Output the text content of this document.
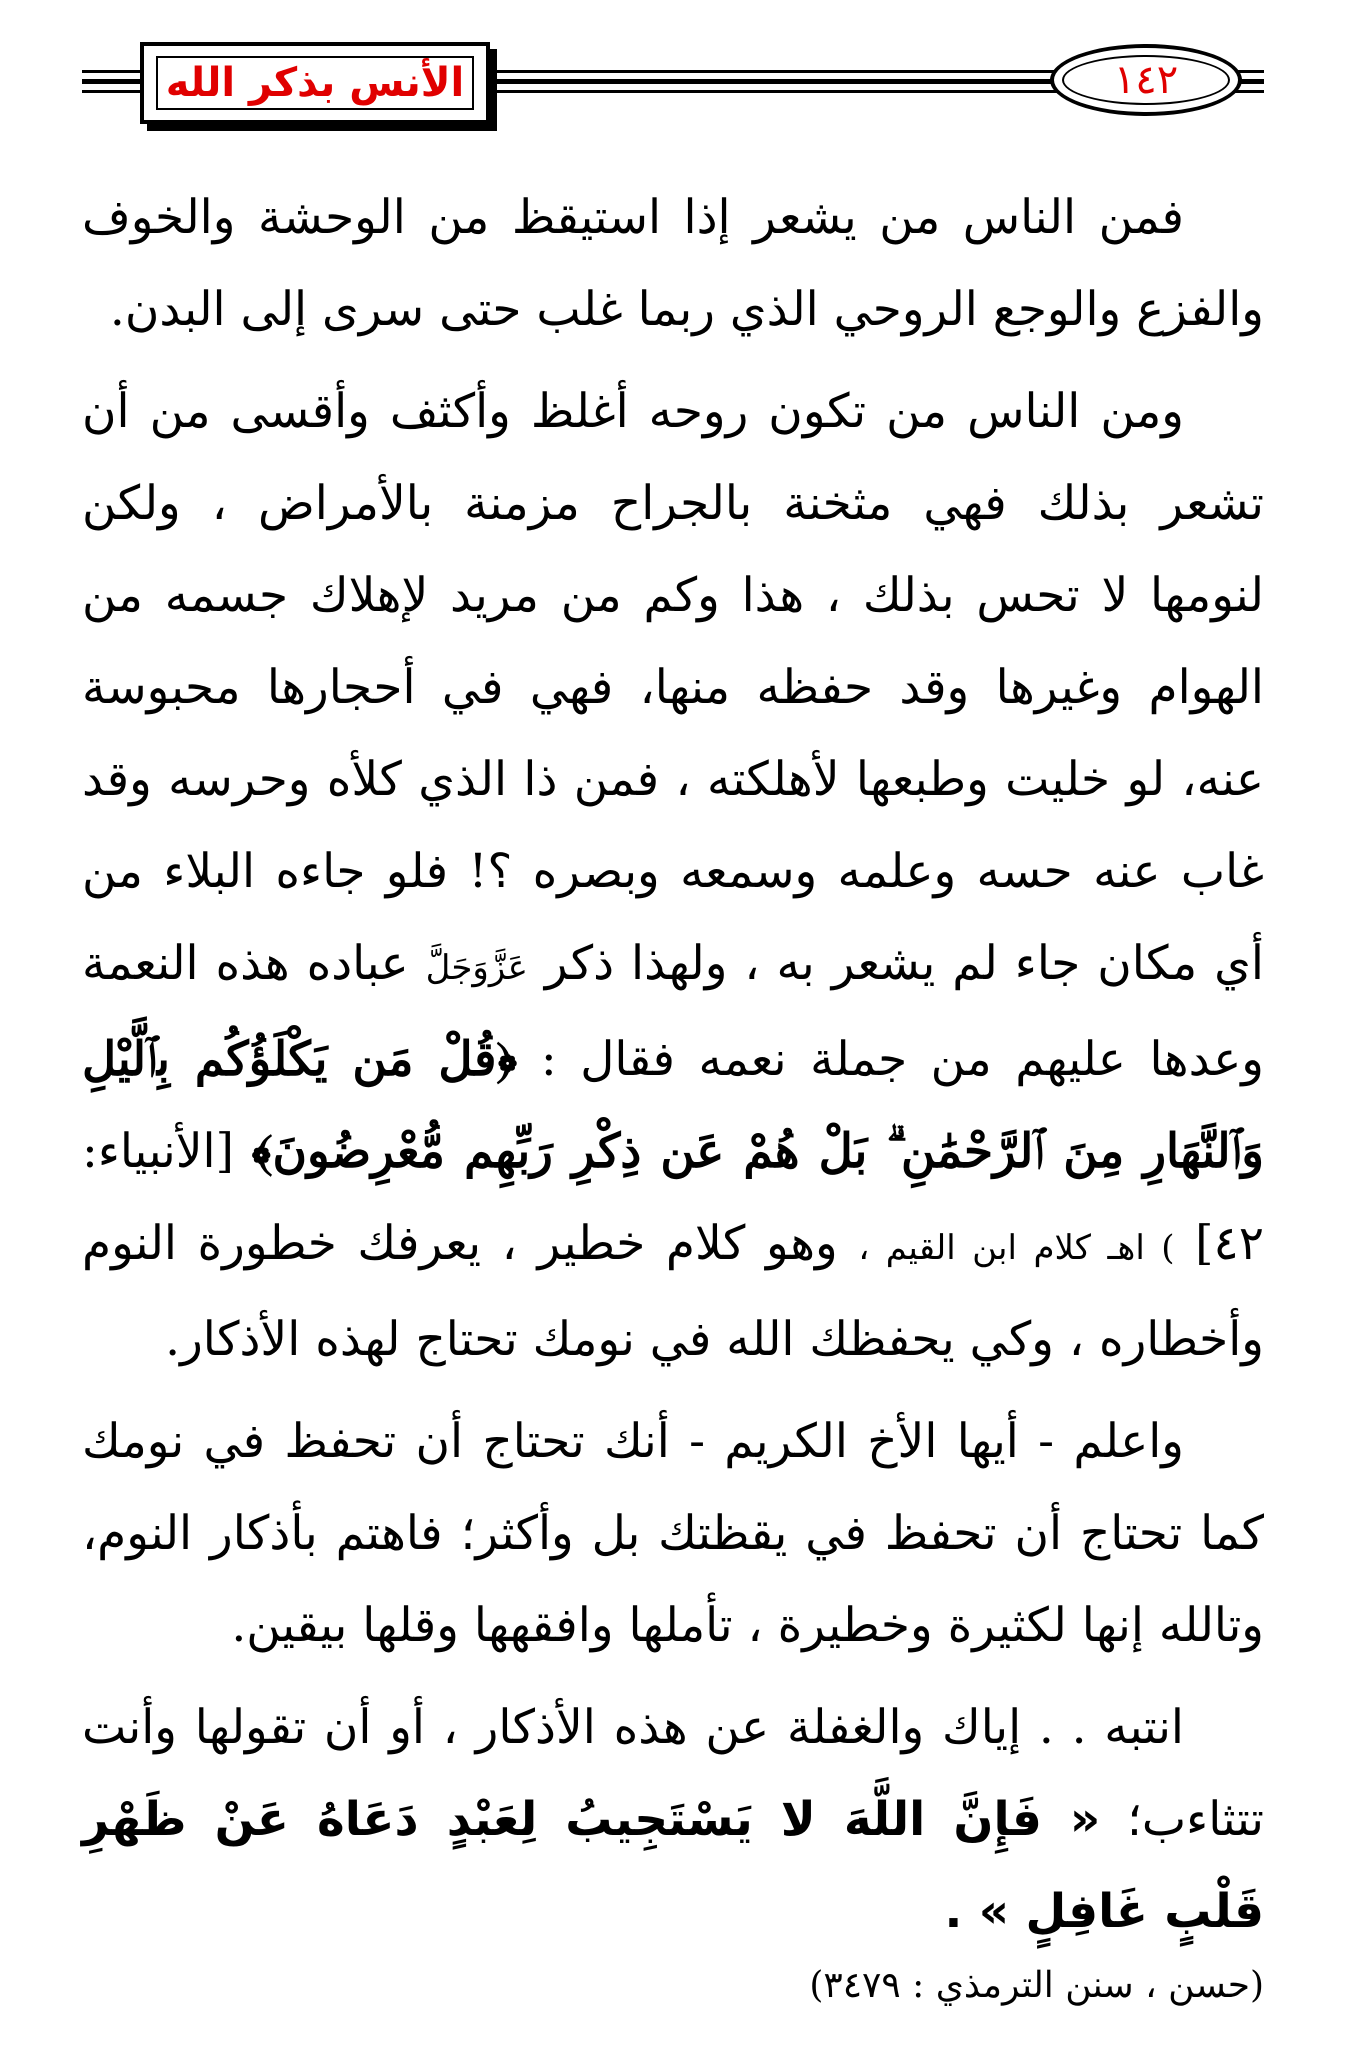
الأنس بذكر الله	١٤٢

فمن الناس من يشعر إذا استيقظ من الوحشة والخوف والفزع والوجع الروحي الذي ربما غلب حتى سرى إلى البدن.

ومن الناس من تكون روحه أغلظ وأكثف وأقسى من أن تشعر بذلك فهي مثخنة بالجراح مزمنة بالأمراض ، ولكن لنومها لا تحس بذلك ، هذا وكم من مريد لإهلاك جسمه من الهوام وغيرها وقد حفظه منها، فهي في أحجارها محبوسة عنه، لو خليت وطبعها لأهلكته ، فمن ذا الذي كلأه وحرسه وقد غاب عنه حسه وعلمه وسمعه وبصره ؟! فلو جاءه البلاء من أي مكان جاء لم يشعر به ، ولهذا ذكر عَزَّوَجَلَّ عباده هذه النعمة وعدها عليهم من جملة نعمه فقال : ﴿قُلْ مَن يَكْلَؤُكُم بِٱلَّيْلِ وَٱلنَّهَارِ مِنَ ٱلرَّحْمَٰنِ ۗ بَلْ هُمْ عَن ذِكْرِ رَبِّهِم مُّعْرِضُونَ﴾ [الأنبياء: ٤٢] ) اهـ كلام ابن القيم ، وهو كلام خطير ، يعرفك خطورة النوم وأخطاره ، وكي يحفظك الله في نومك تحتاج لهذه الأذكار.

واعلم - أيها الأخ الكريم - أنك تحتاج أن تحفظ في نومك كما تحتاج أن تحفظ في يقظتك بل وأكثر؛ فاهتم بأذكار النوم، وتالله إنها لكثيرة وخطيرة ، تأملها وافقهها وقلها بيقين.

انتبه . . إياك والغفلة عن هذه الأذكار ، أو أن تقولها وأنت تتثاءب؛ « فَإِنَّ اللَّهَ لا يَسْتَجِيبُ لِعَبْدٍ دَعَاهُ عَنْ ظَهْرِ قَلْبٍ غَافِلٍ » .

(حسن ، سنن الترمذي : ٣٤٧٩)
